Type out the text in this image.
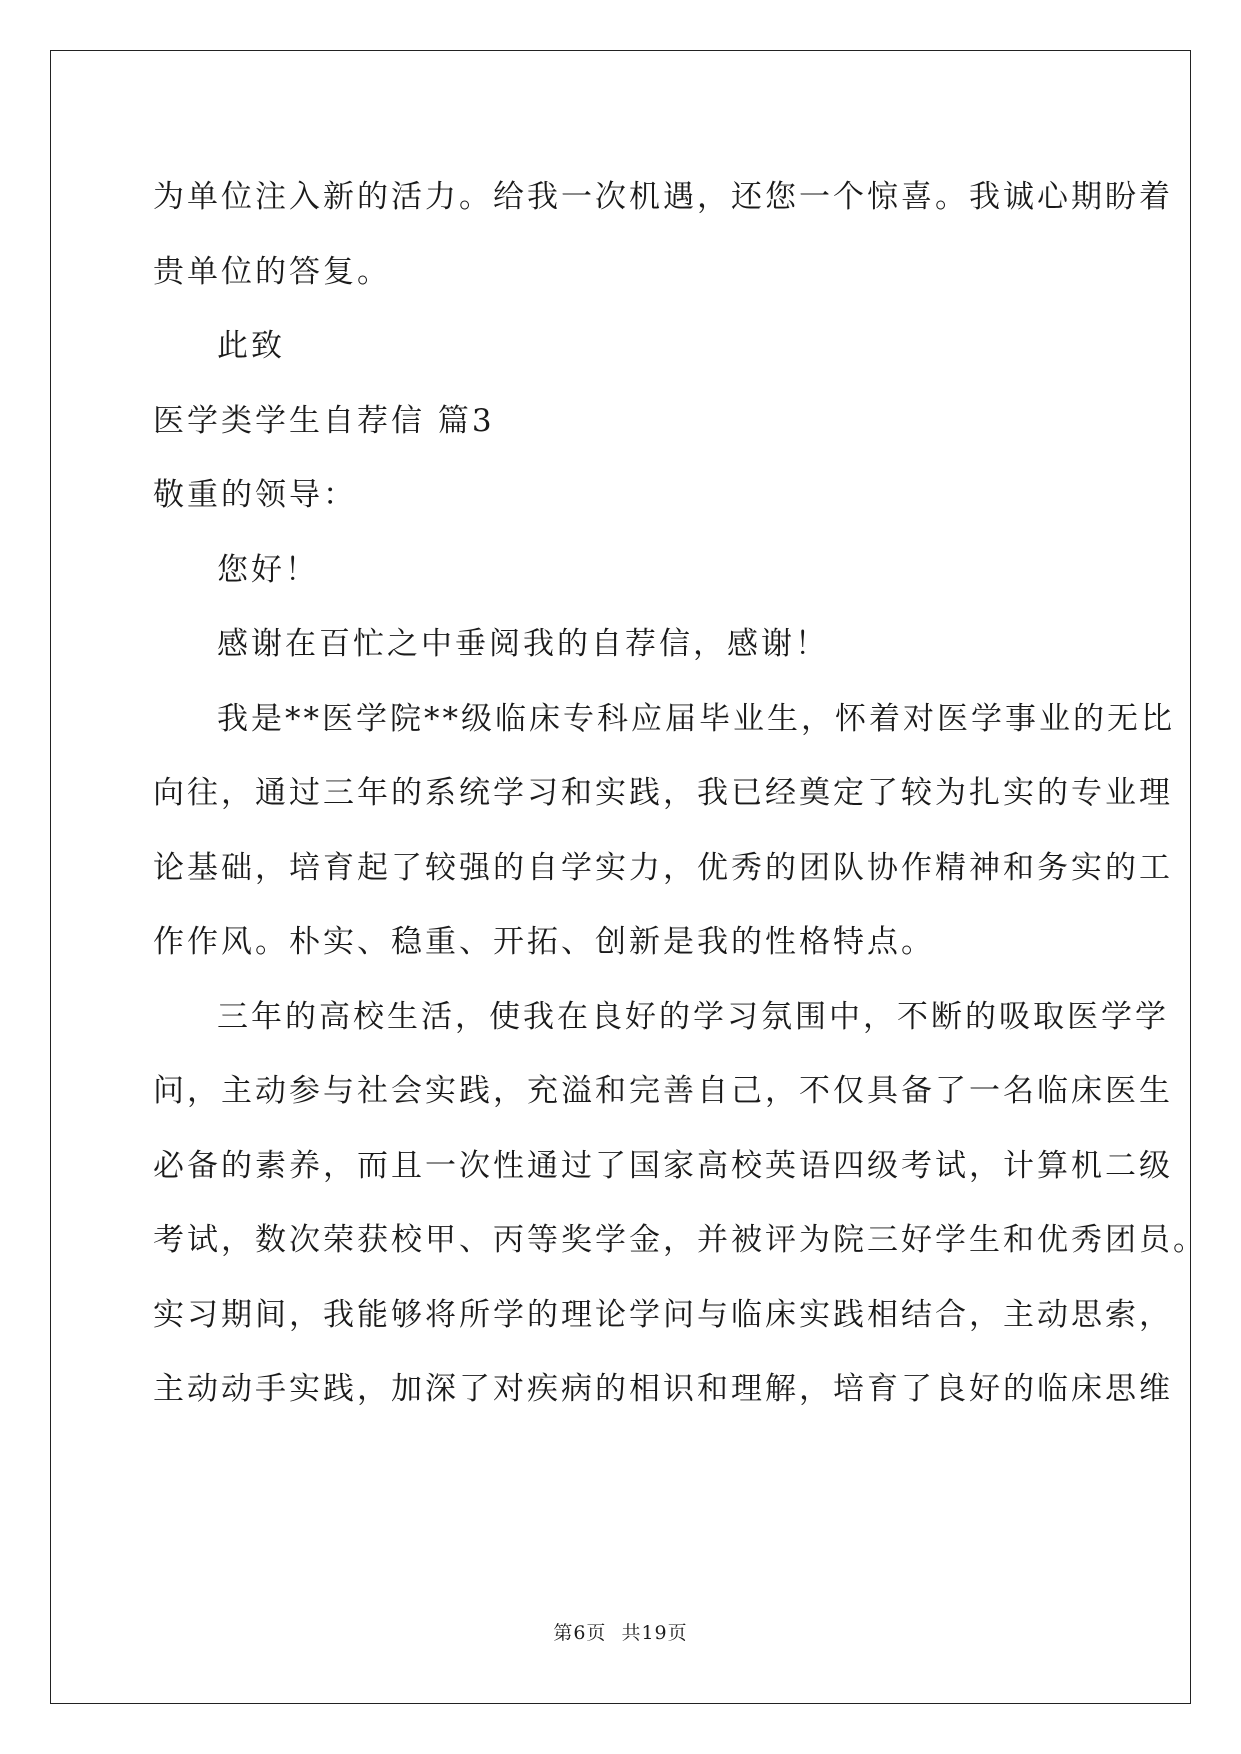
为单位注入新的活力。给我一次机遇，还您一个惊喜。我诚心期盼着
贵单位的答复。
此致
医学类学生自荐信 篇3
敬重的领导：
您好！
感谢在百忙之中垂阅我的自荐信，感谢！
我是**医学院**级临床专科应届毕业生，怀着对医学事业的无比
向往，通过三年的系统学习和实践，我已经奠定了较为扎实的专业理
论基础，培育起了较强的自学实力，优秀的团队协作精神和务实的工
作作风。朴实、稳重、开拓、创新是我的性格特点。
三年的高校生活，使我在良好的学习氛围中，不断的吸取医学学
问，主动参与社会实践，充溢和完善自己，不仅具备了一名临床医生
必备的素养，而且一次性通过了国家高校英语四级考试，计算机二级
考试，数次荣获校甲、丙等奖学金，并被评为院三好学生和优秀团员。
实习期间，我能够将所学的理论学问与临床实践相结合，主动思索，
主动动手实践，加深了对疾病的相识和理解，培育了良好的临床思维
第6页 共19页
